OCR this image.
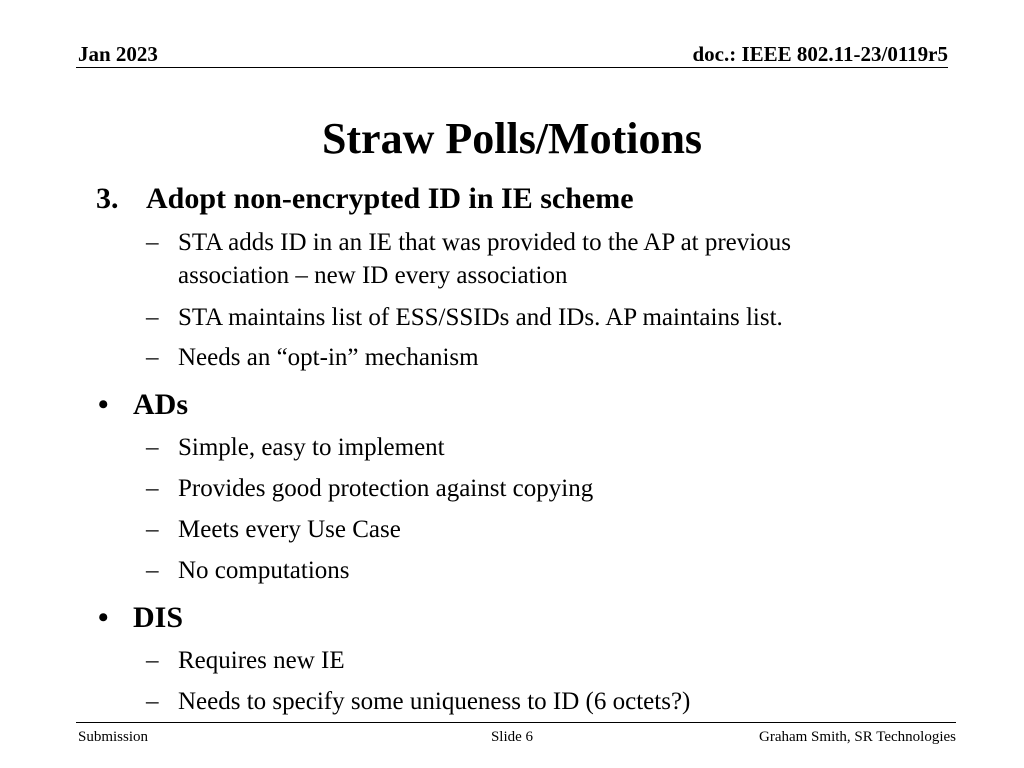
Jan 2023	doc.: IEEE 802.11-23/0119r5
Straw Polls/Motions
3. Adopt non-encrypted ID in IE scheme
– STA adds ID in an IE that was provided to the AP at previous
association – new ID every association
– STA maintains list of ESS/SSIDs and IDs. AP maintains list.
– Needs an “opt-in” mechanism
• ADs
– Simple, easy to implement
– Provides good protection against copying
– Meets every Use Case
– No computations
• DIS
– Requires new IE
– Needs to specify some uniqueness to ID (6 octets?)
Submission	Slide 6	Graham Smith, SR Technologies
